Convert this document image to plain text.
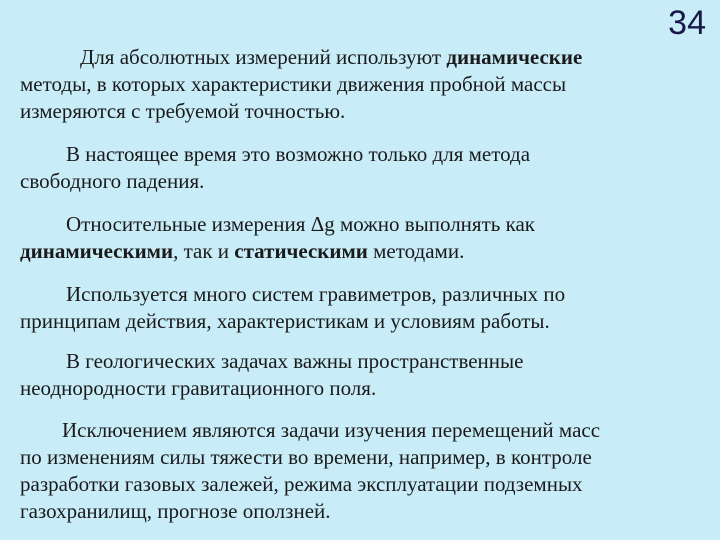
34

Для абсолютных измерений используют динамические
методы, в которых характеристики движения пробной массы
измеряются с требуемой точностью.

В настоящее время это возможно только для метода
свободного падения.

Относительные измерения Δg можно выполнять как
динамическими, так и статическими методами.

Используется много систем гравиметров, различных по
принципам действия, характеристикам и условиям работы.

В геологических задачах важны пространственные
неоднородности гравитационного поля.

Исключением являются задачи изучения перемещений масс
по изменениям силы тяжести во времени, например, в контроле
разработки газовых залежей, режима эксплуатации подземных
газохранилищ, прогнозе оползней.
